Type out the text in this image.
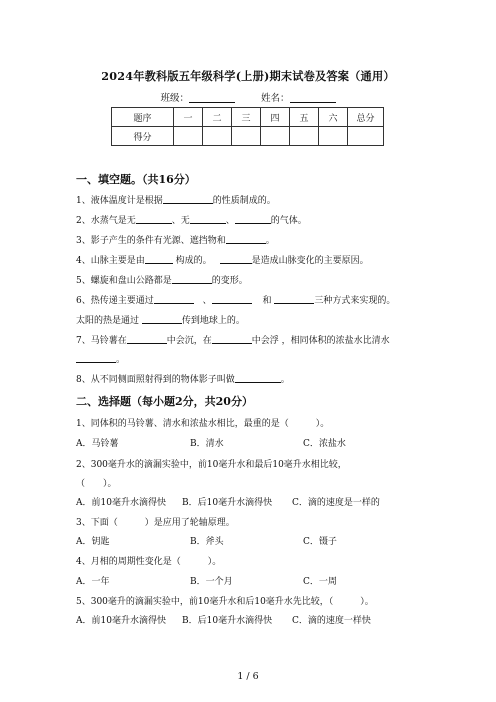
2024年教科版五年级科学(上册)期末试卷及答案（通用）
班级：	姓名：
题序	一	二	三	四	五	六	总分
得分							
一、填空题。（共16分）
1、液体温度计是根据	的性质制成的。
2、水蒸气是无	、无	、	的气体。
3、影子产生的条件有光源、遮挡物和	。
4、山脉主要是由	构成的。	是造成山脉变化的主要原因。
5、螺旋和盘山公路都是	的变形。
6、热传递主要通过	、	和	三种方式来实现的。
太阳的热是通过	传到地球上的。
7、马铃薯在	中会沉，在	中会浮 ，相同体积的浓盐水比清水
。
8、从不同侧面照射得到的物体影子叫做	。
二、选择题（每小题2分，共20分）
1、同体积的马铃薯、清水和浓盐水相比，最重的是（　　　）。
A．马铃薯	B．清水	C．浓盐水
2、300毫升水的滴漏实验中，前10毫升水和最后10毫升水相比较，
（　　）。
A．前10毫升水滴得快 B．后10毫升水滴得快 C．滴的速度是一样的
3、下面（　　　）是应用了轮轴原理。
A．钥匙	B．斧头	C．镊子
4、月相的周期性变化是（　　　）。
A．一年	B．一个月	C．一周
5、300毫升的滴漏实验中，前10毫升水和后10毫升水先比较，（　　　）。
A．前10毫升水滴得快 B．后10毫升水滴得快 C．滴的速度一样快
1 / 6
